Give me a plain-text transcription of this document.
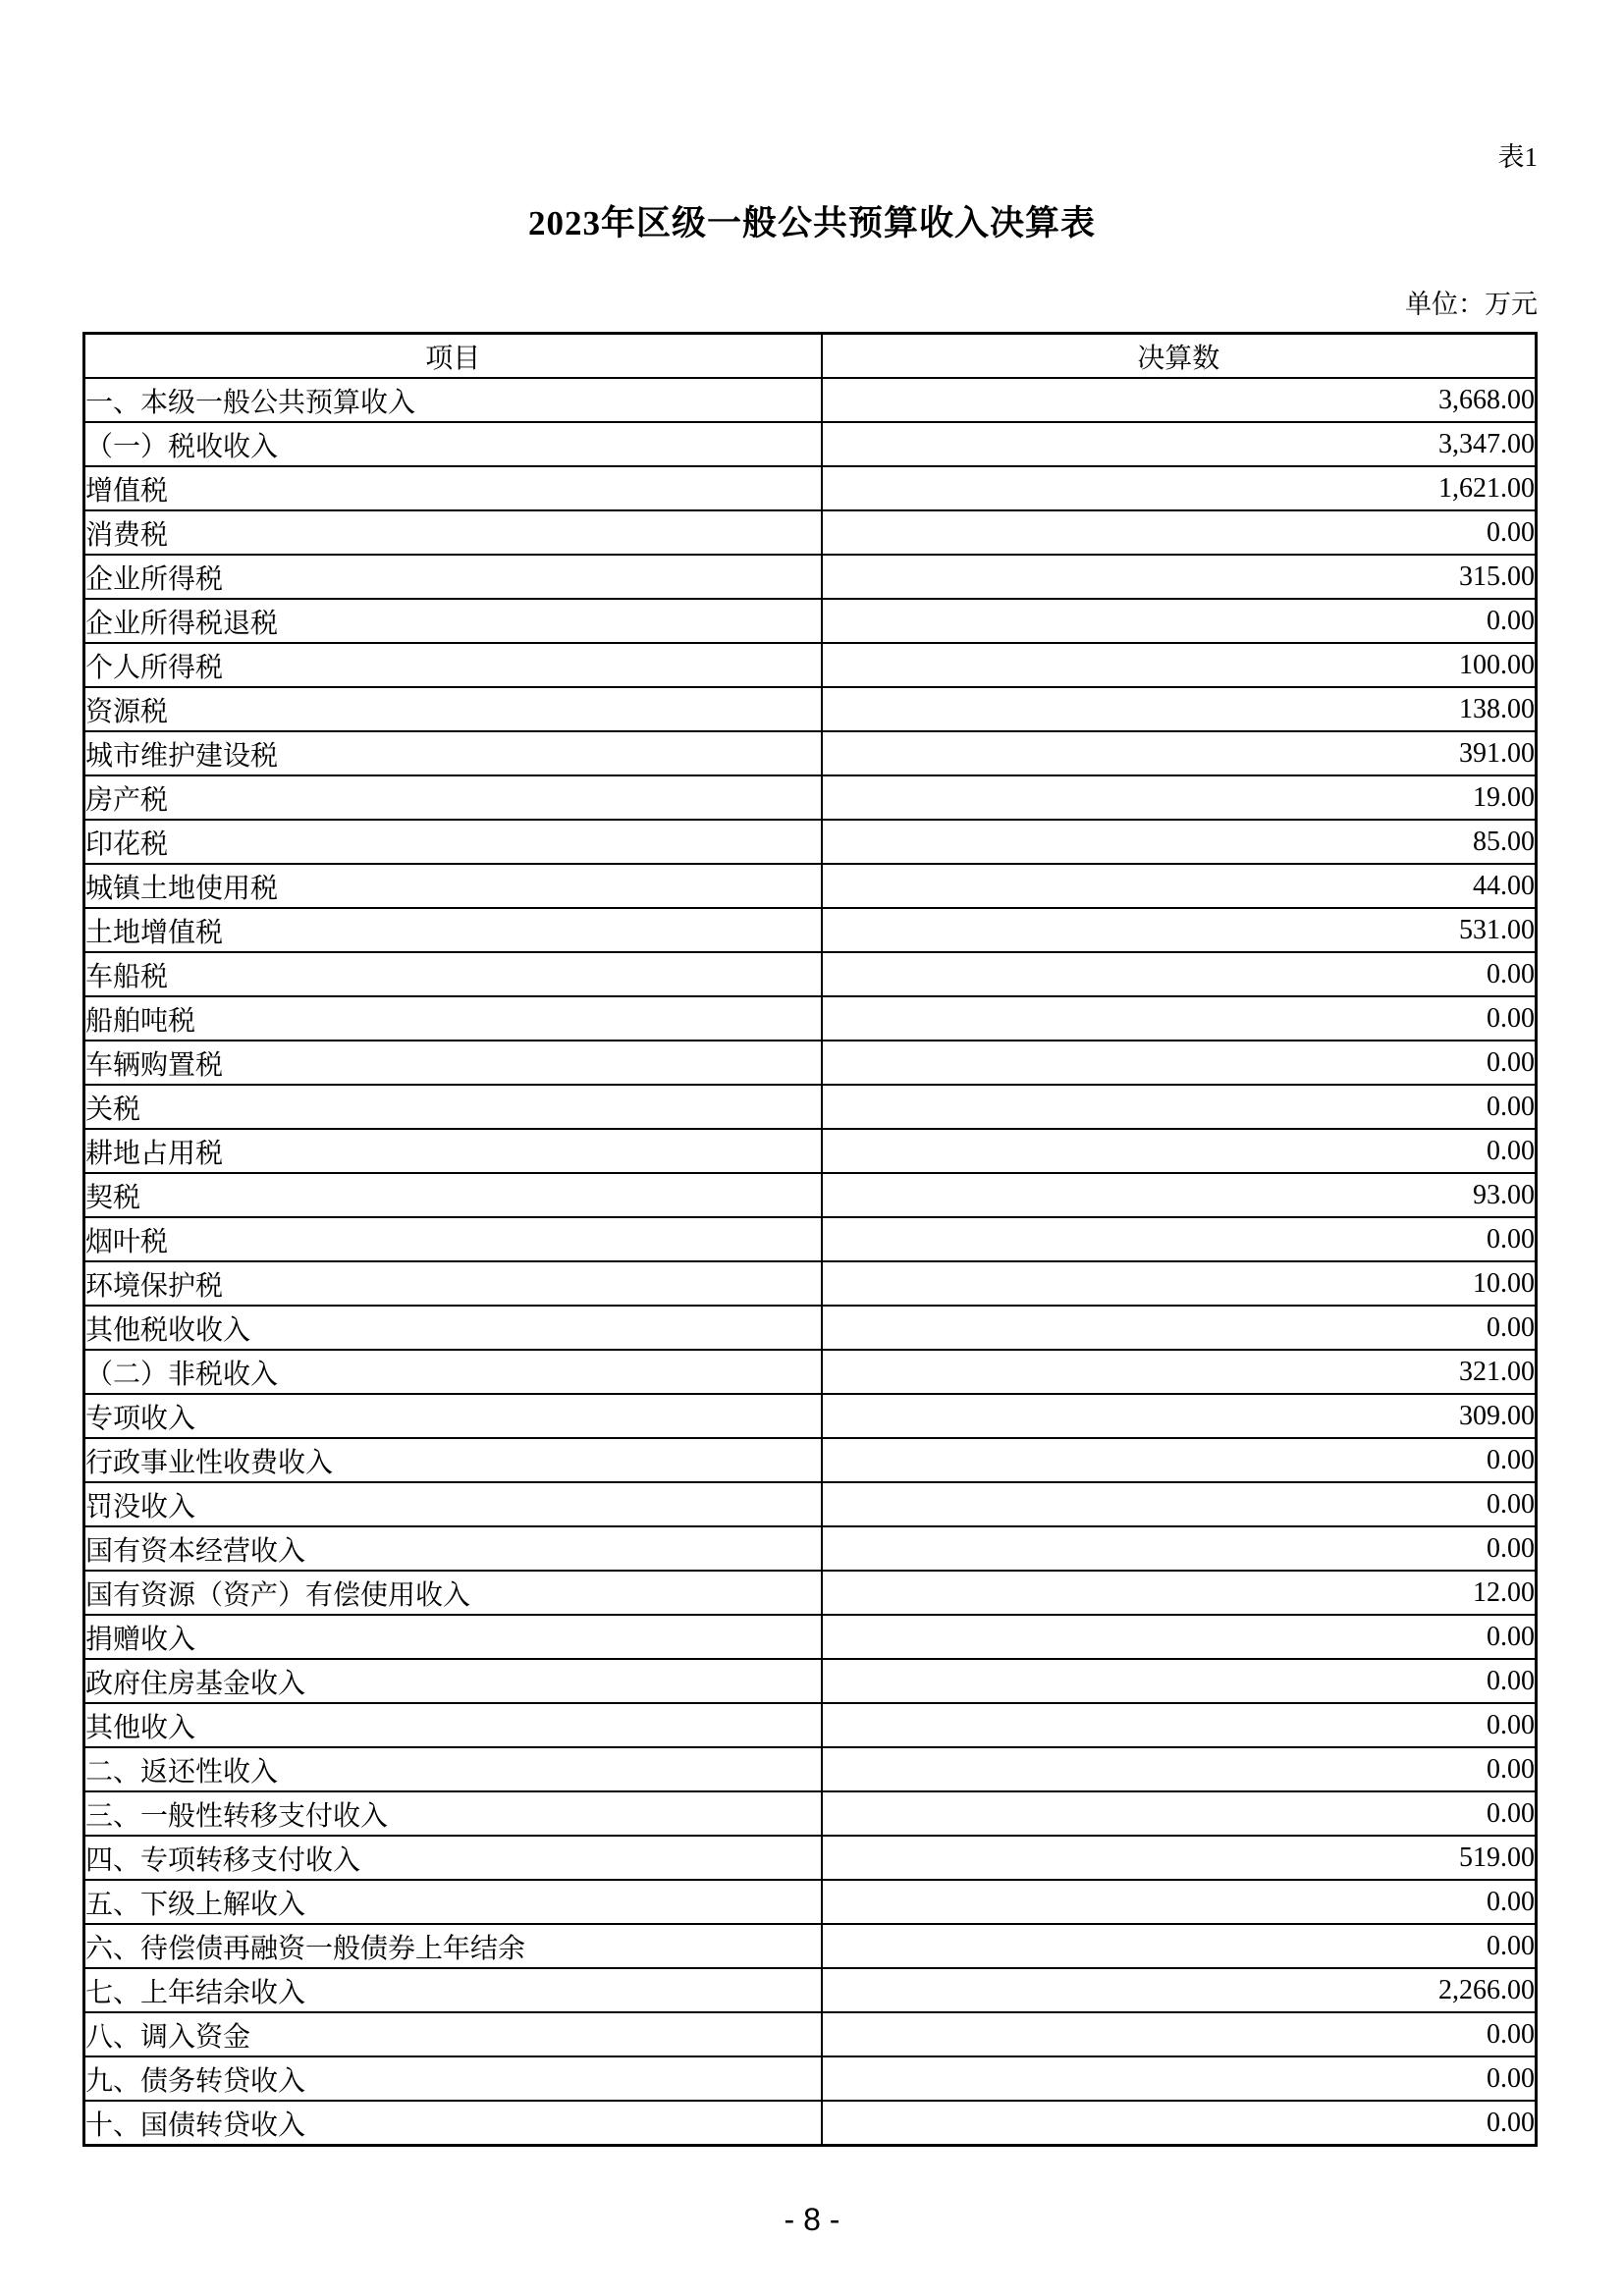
表1
2023年区级一般公共预算收入决算表
单位：万元
项目	决算数
一、本级一般公共预算收入	3,668.00
（一）税收收入	3,347.00
增值税	1,621.00
消费税	0.00
企业所得税	315.00
企业所得税退税	0.00
个人所得税	100.00
资源税	138.00
城市维护建设税	391.00
房产税	19.00
印花税	85.00
城镇土地使用税	44.00
土地增值税	531.00
车船税	0.00
船舶吨税	0.00
车辆购置税	0.00
关税	0.00
耕地占用税	0.00
契税	93.00
烟叶税	0.00
环境保护税	10.00
其他税收收入	0.00
（二）非税收入	321.00
专项收入	309.00
行政事业性收费收入	0.00
罚没收入	0.00
国有资本经营收入	0.00
国有资源（资产）有偿使用收入	12.00
捐赠收入	0.00
政府住房基金收入	0.00
其他收入	0.00
二、返还性收入	0.00
三、一般性转移支付收入	0.00
四、专项转移支付收入	519.00
五、下级上解收入	0.00
六、待偿债再融资一般债券上年结余	0.00
七、上年结余收入	2,266.00
八、调入资金	0.00
九、债务转贷收入	0.00
十、国债转贷收入	0.00
- 8 -
